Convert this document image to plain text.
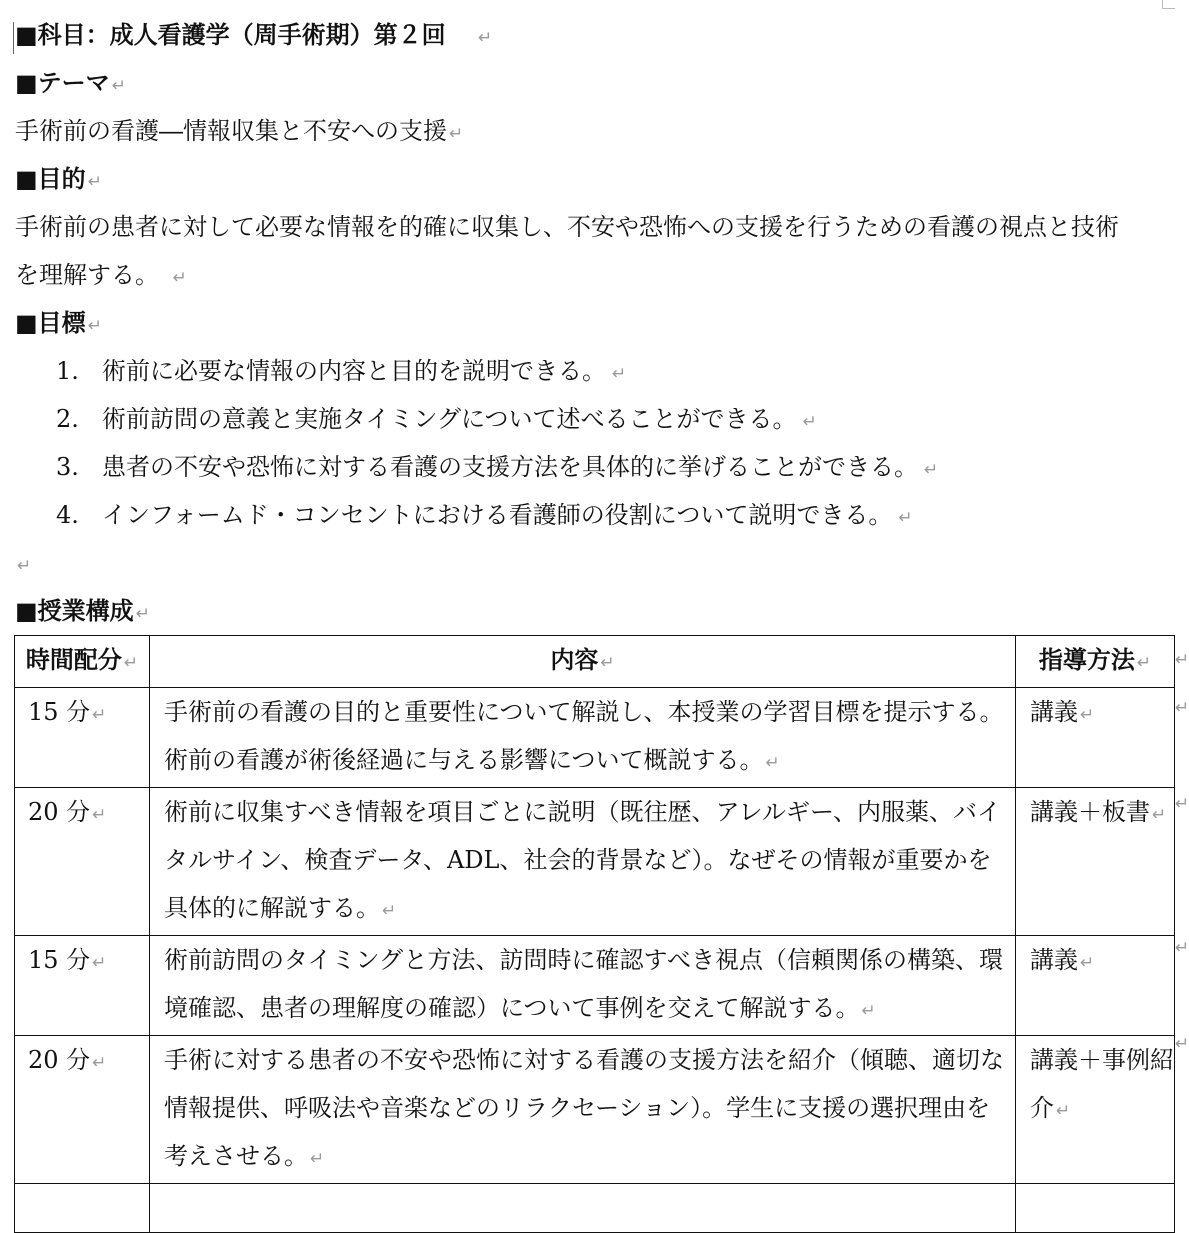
■科目：成人看護学（周手術期）第２回 ↵
■テーマ ↵
手術前の看護―情報収集と不安への支援 ↵
■目的 ↵
手術前の患者に対して必要な情報を的確に収集し、不安や恐怖への支援を行うための看護の視点と技術
を理解する。 ↵
■目標 ↵
1. 術前に必要な情報の内容と目的を説明できる。 ↵
2. 術前訪問の意義と実施タイミングについて述べることができる。 ↵
3. 患者の不安や恐怖に対する看護の支援方法を具体的に挙げることができる。 ↵
4. インフォームド・コンセントにおける看護師の役割について説明できる。 ↵
↵
■授業構成 ↵
時間配分 ↵	内容 ↵	指導方法 ↵
15 分 ↵	手術前の看護の目的と重要性について解説し、本授業の学習目標を提示する。術前の看護が術後経過に与える影響について概説する。 ↵	講義 ↵
20 分 ↵	術前に収集すべき情報を項目ごとに説明（既往歴、アレルギー、内服薬、バイタルサイン、検査データ、ADL、社会的背景など）。なぜその情報が重要かを具体的に解説する。 ↵	講義＋板書 ↵
15 分 ↵	術前訪問のタイミングと方法、訪問時に確認すべき視点（信頼関係の構築、環境確認、患者の理解度の確認）について事例を交えて解説する。 ↵	講義 ↵
20 分 ↵	手術に対する患者の不安や恐怖に対する看護の支援方法を紹介（傾聴、適切な情報提供、呼吸法や音楽などのリラクセーション）。学生に支援の選択理由を考えさせる。 ↵	講義＋事例紹介 ↵

↵
↵
↵
↵
↵
